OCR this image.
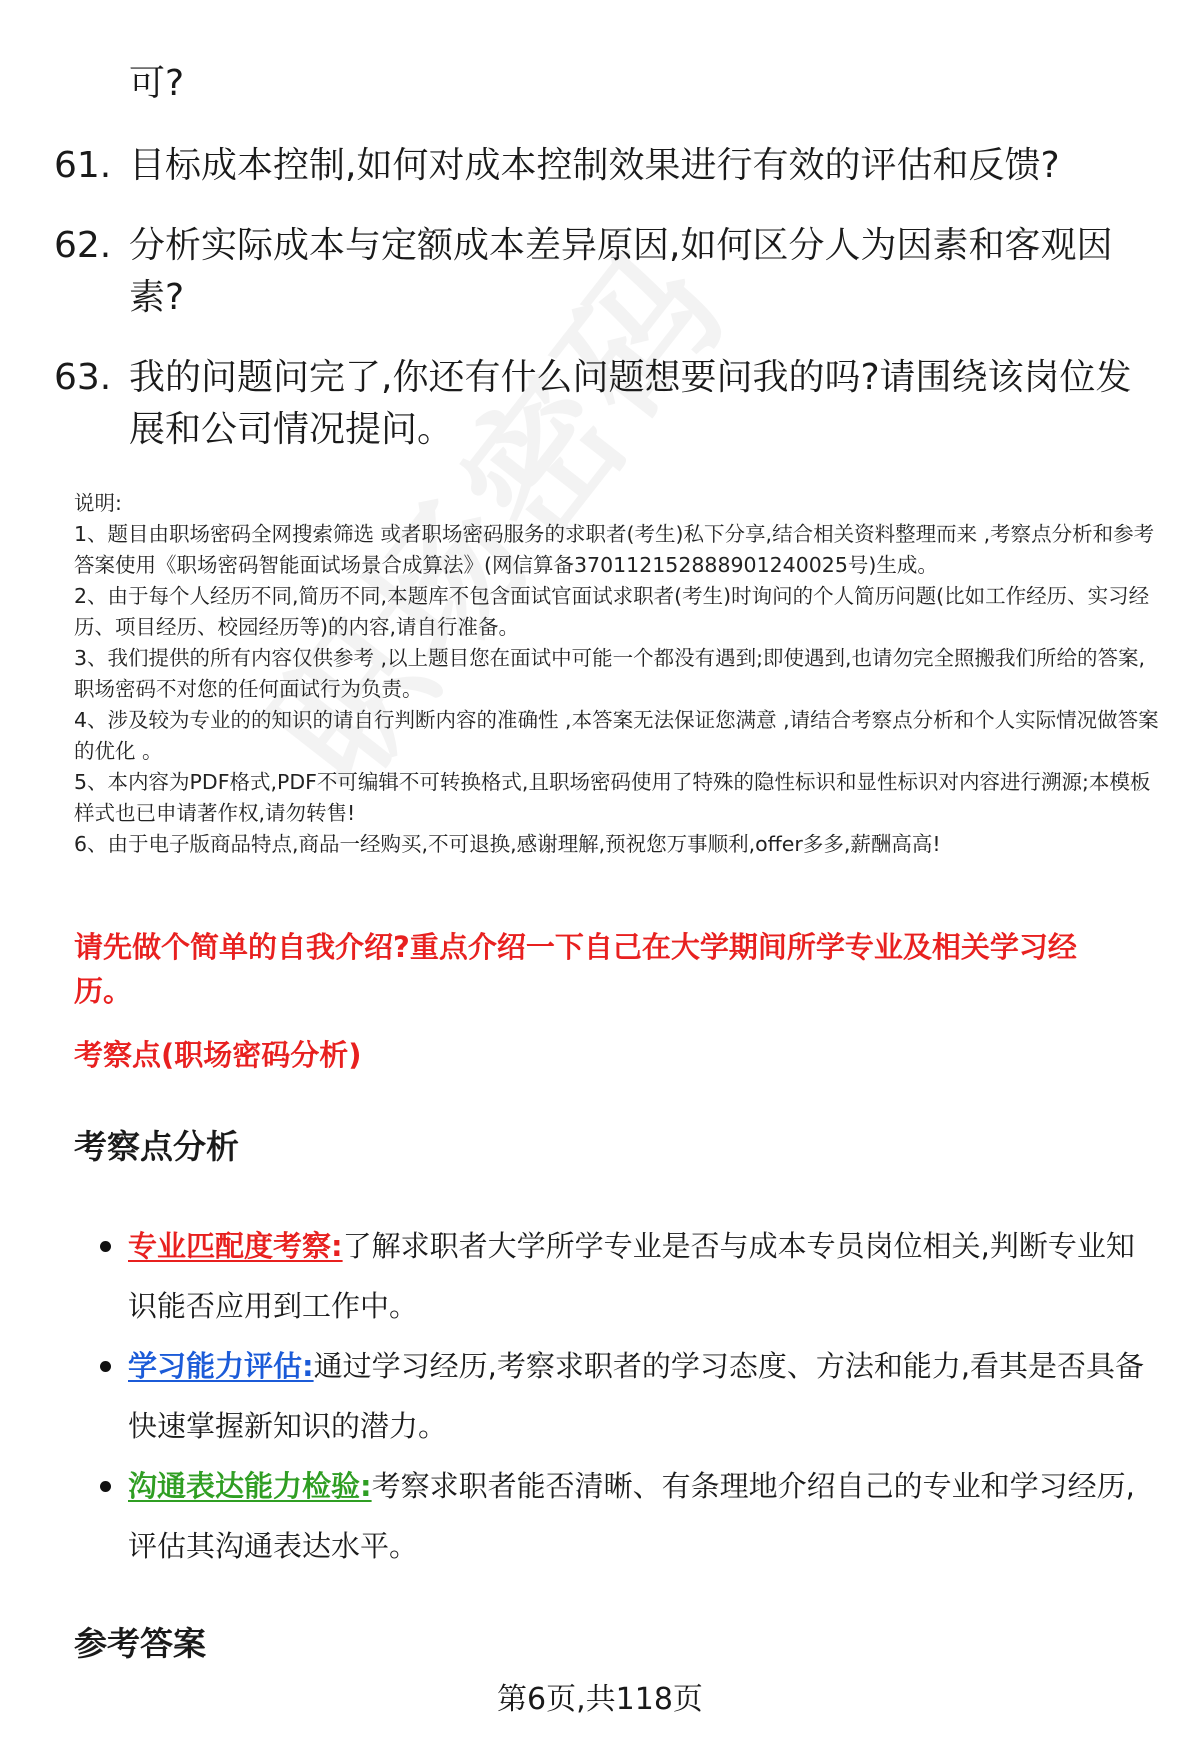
可?
61. 目标成本控制,如何对成本控制效果进行有效的评估和反馈?
62. 分析实际成本与定额成本差异原因,如何区分人为因素和客观因素?
63. 我的问题问完了,你还有什么问题想要问我的吗?请围绕该岗位发展和公司情况提问。

说明:

1、题目由职场密码全网搜索筛选 或者职场密码服务的求职者(考生)私下分享,结合相关资料整理而来 ,考察点分析和参考答案使用《职场密码智能面试场景合成算法》(网信算备370112152888901240025号)生成。

2、由于每个人经历不同,简历不同,本题库不包含面试官面试求职者(考生)时询问的个人简历问题(比如工作经历、实习经历、项目经历、校园经历等)的内容,请自行准备。

3、我们提供的所有内容仅供参考 ,以上题目您在面试中可能一个都没有遇到;即使遇到,也请勿完全照搬我们所给的答案,职场密码不对您的任何面试行为负责。

4、涉及较为专业的的知识的请自行判断内容的准确性 ,本答案无法保证您满意 ,请结合考察点分析和个人实际情况做答案的优化 。

5、本内容为PDF格式,PDF不可编辑不可转换格式,且职场密码使用了特殊的隐性标识和显性标识对内容进行溯源;本模板样式也已申请著作权,请勿转售!

6、由于电子版商品特点,商品一经购买,不可退换,感谢理解,预祝您万事顺利,offer多多,薪酬高高!

请先做个简单的自我介绍?重点介绍一下自己在大学期间所学专业及相关学习经历。
考察点(职场密码分析)
考察点分析
专业匹配度考察:了解求职者大学所学专业是否与成本专员岗位相关,判断专业知识能否应用到工作中。
学习能力评估:通过学习经历,考察求职者的学习态度、方法和能力,看其是否具备快速掌握新知识的潜力。
沟通表达能力检验:考察求职者能否清晰、有条理地介绍自己的专业和学习经历,评估其沟通表达水平。
参考答案
第6页,共118页
